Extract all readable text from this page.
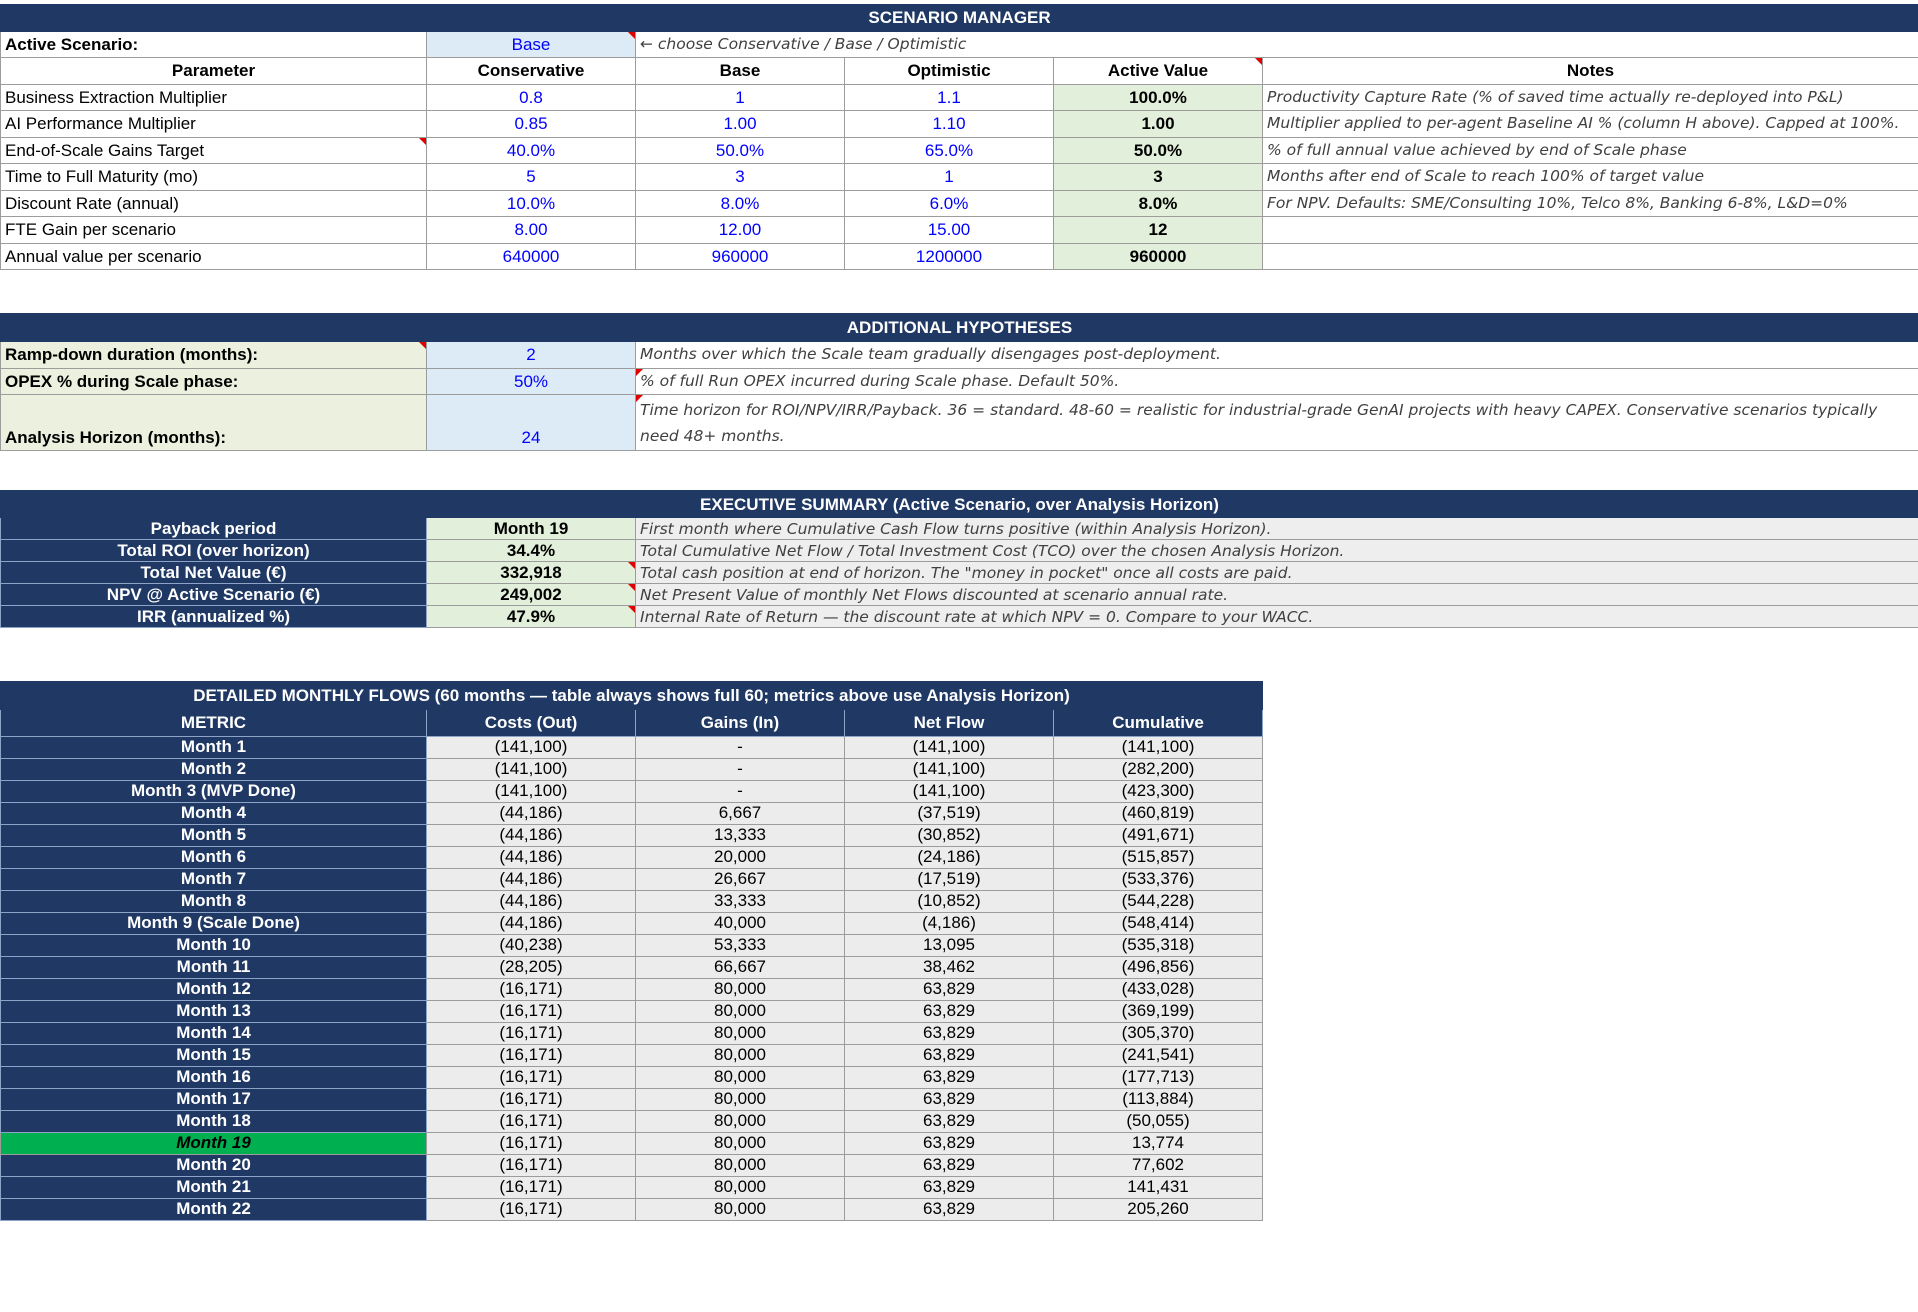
SCENARIO MANAGER					
Active Scenario:	Base	← choose Conservative / Base / Optimistic			
Parameter	Conservative	Base	Optimistic	Active Value	Notes
Business Extraction Multiplier	0.8	1	1.1	100.0%	Productivity Capture Rate (% of saved time actually re-deployed into P&L)
AI Performance Multiplier	0.85	1.00	1.10	1.00	Multiplier applied to per-agent Baseline AI % (column H above). Capped at 100%.
End-of-Scale Gains Target	40.0%	50.0%	65.0%	50.0%	% of full annual value achieved by end of Scale phase
Time to Full Maturity (mo)	5	3	1	3	Months after end of Scale to reach 100% of target value
Discount Rate (annual)	10.0%	8.0%	6.0%	8.0%	For NPV. Defaults: SME/Consulting 10%, Telco 8%, Banking 6-8%, L&D=0%
FTE Gain per scenario	8.00	12.00	15.00	12	
Annual value per scenario	640000	960000	1200000	960000	
ADDITIONAL HYPOTHESES		
Ramp-down duration (months):	2	Months over which the Scale team gradually disengages post-deployment.
OPEX % during Scale phase:	50%	% of full Run OPEX incurred during Scale phase. Default 50%.
Analysis Horizon (months):	24	Time horizon for ROI/NPV/IRR/Payback. 36 = standard. 48-60 = realistic for industrial-grade GenAI projects with heavy CAPEX. Conservative scenarios typically
need 48+ months.
EXECUTIVE SUMMARY (Active Scenario, over Analysis Horizon)		
Payback period	Month 19	First month where Cumulative Cash Flow turns positive (within Analysis Horizon).
Total ROI (over horizon)	34.4%	Total Cumulative Net Flow / Total Investment Cost (TCO) over the chosen Analysis Horizon.
Total Net Value (€)	332,918	Total cash position at end of horizon. The "money in pocket" once all costs are paid.
NPV @ Active Scenario (€)	249,002	Net Present Value of monthly Net Flows discounted at scenario annual rate.
IRR (annualized %)	47.9%	Internal Rate of Return — the discount rate at which NPV = 0. Compare to your WACC.
DETAILED MONTHLY FLOWS (60 months — table always shows full 60; metrics above use Analysis Horizon)				
METRIC	Costs (Out)	Gains (In)	Net Flow	Cumulative
Month 1	(141,100)	-	(141,100)	(141,100)
Month 2	(141,100)	-	(141,100)	(282,200)
Month 3 (MVP Done)	(141,100)	-	(141,100)	(423,300)
Month 4	(44,186)	6,667	(37,519)	(460,819)
Month 5	(44,186)	13,333	(30,852)	(491,671)
Month 6	(44,186)	20,000	(24,186)	(515,857)
Month 7	(44,186)	26,667	(17,519)	(533,376)
Month 8	(44,186)	33,333	(10,852)	(544,228)
Month 9 (Scale Done)	(44,186)	40,000	(4,186)	(548,414)
Month 10	(40,238)	53,333	13,095	(535,318)
Month 11	(28,205)	66,667	38,462	(496,856)
Month 12	(16,171)	80,000	63,829	(433,028)
Month 13	(16,171)	80,000	63,829	(369,199)
Month 14	(16,171)	80,000	63,829	(305,370)
Month 15	(16,171)	80,000	63,829	(241,541)
Month 16	(16,171)	80,000	63,829	(177,713)
Month 17	(16,171)	80,000	63,829	(113,884)
Month 18	(16,171)	80,000	63,829	(50,055)
Month 19	(16,171)	80,000	63,829	13,774
Month 20	(16,171)	80,000	63,829	77,602
Month 21	(16,171)	80,000	63,829	141,431
Month 22	(16,171)	80,000	63,829	205,260
